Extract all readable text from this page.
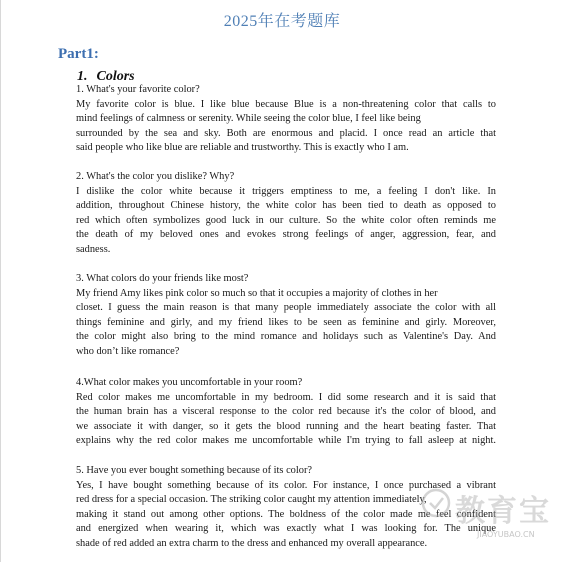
2025年在考题库
Part1:
1. Colors

1. What's your favorite color?

My favorite color is blue. I like blue because Blue is a non-threatening color that calls to
mind feelings of calmness or serenity. While seeing the color blue, I feel like being
surrounded by the sea and sky. Both are enormous and placid. I once read an article that
said people who like blue are reliable and trustworthy. This is exactly who I am.

2. What's the color you dislike? Why?

I dislike the color white because it triggers emptiness to me, a feeling I don't like. In
addition, throughout Chinese history, the white color has been tied to death as opposed to
red which often symbolizes good luck in our culture. So the white color often reminds me
the death of my beloved ones and evokes strong feelings of anger, aggression, fear, and
sadness.

3. What colors do your friends like most?

My friend Amy likes pink color so much so that it occupies a majority of clothes in her
closet. I guess the main reason is that many people immediately associate the color with all
things feminine and girly, and my friend likes to be seen as feminine and girly. Moreover,
the color might also bring to the mind romance and holidays such as Valentine's Day. And
who don’t like romance?

4.What color makes you uncomfortable in your room?

Red color makes me uncomfortable in my bedroom. I did some research and it is said that
the human brain has a visceral response to the color red because it's the color of blood, and
we associate it with danger, so it gets the blood running and the heart beating faster. That
explains why the red color makes me uncomfortable while I'm trying to fall asleep at night.

5. Have you ever bought something because of its color?

Yes, I have bought something because of its color. For instance, I once purchased a vibrant
red dress for a special occasion. The striking color caught my attention immediately,
making it stand out among other options. The boldness of the color made me feel confident
and energized when wearing it, which was exactly what I was looking for. The unique
shade of red added an extra charm to the dress and enhanced my overall appearance.

教育宝
JIAOYUBAO.CN
